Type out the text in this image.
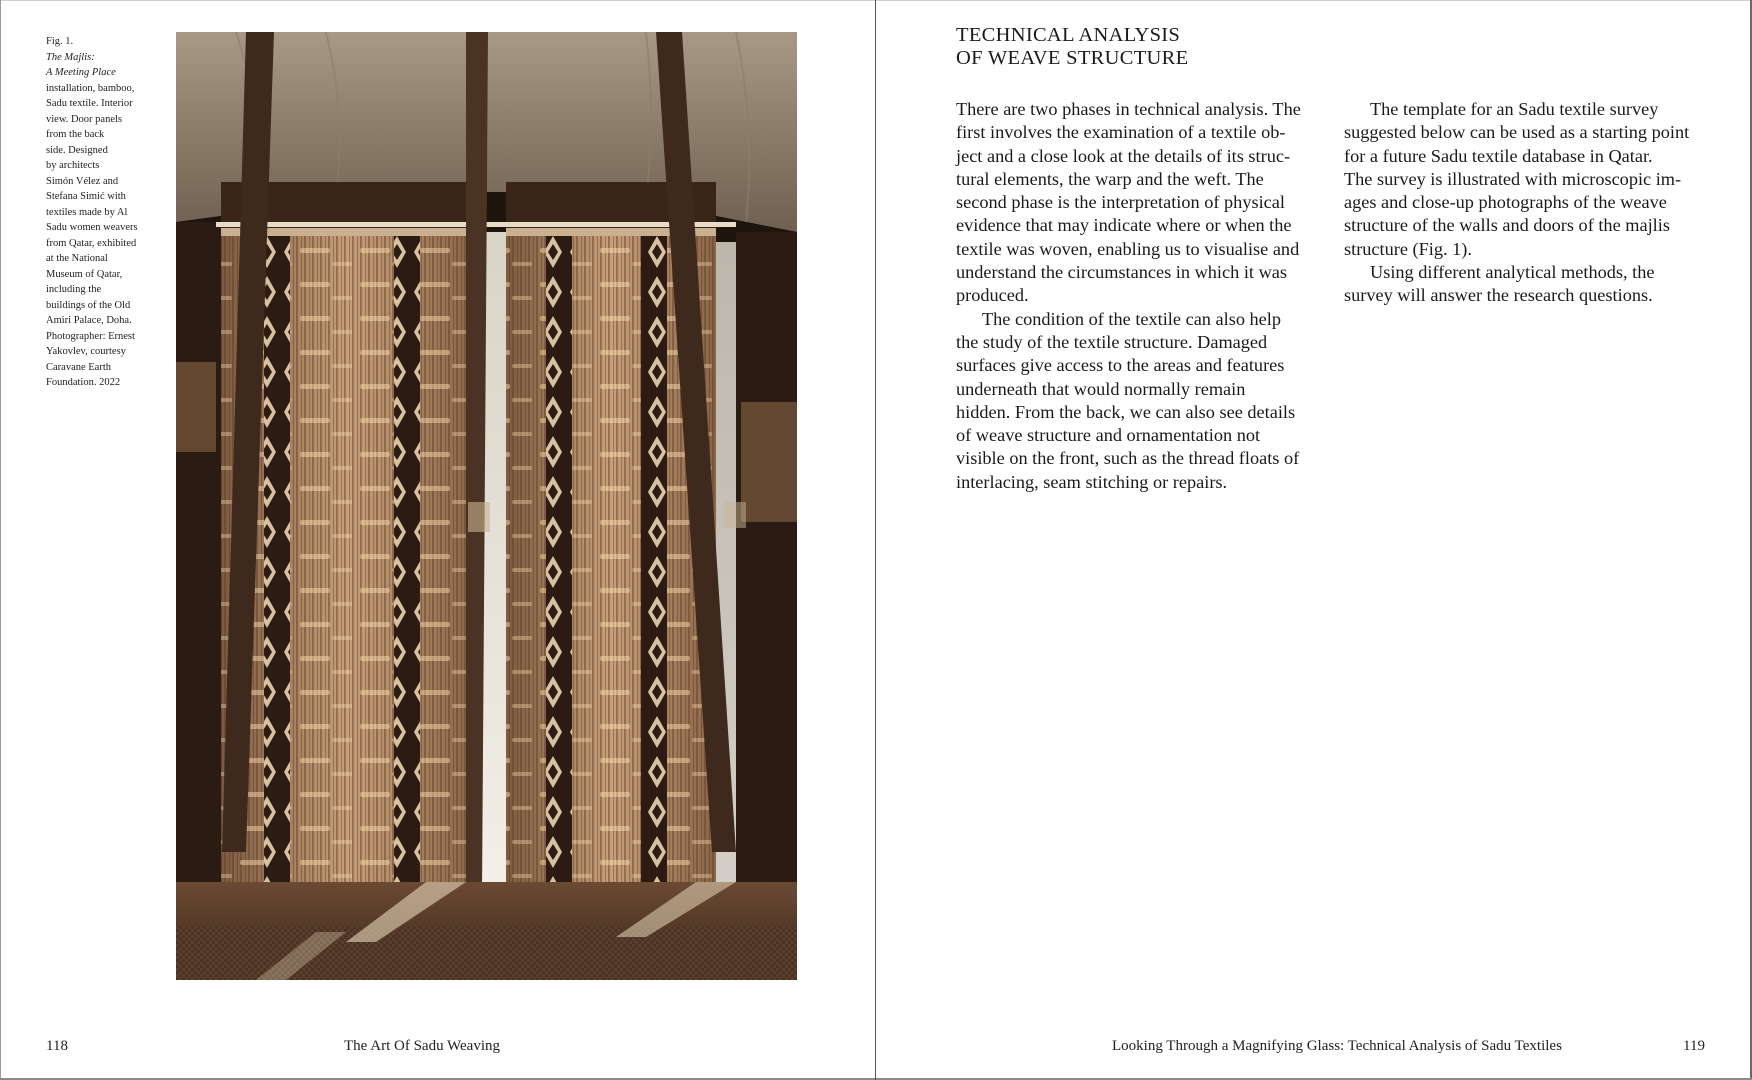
Fig. 1.
The Majlis:
A Meeting Place
installation, bamboo,
Sadu textile. Interior
view. Door panels
from the back
side. Designed
by architects
Simón Vélez and
Stefana Simić with
textiles made by Al
Sadu women weavers
from Qatar, exhibited
at the National
Museum of Qatar,
including the
buildings of the Old
Amiri Palace, Doha.
Photographer: Ernest
Yakovlev, courtesy
Caravane Earth
Foundation. 2022
TECHNICAL ANALYSIS
OF WEAVE STRUCTURE
There are two phases in technical analysis. The
first involves the examination of a textile ob-
ject and a close look at the details of its struc-
tural elements, the warp and the weft. The
second phase is the interpretation of physical
evidence that may indicate where or when the
textile was woven, enabling us to visualise and
understand the circumstances in which it was
produced.
The condition of the textile can also help
the study of the textile structure. Damaged
surfaces give access to the areas and features
underneath that would normally remain
hidden. From the back, we can also see details
of weave structure and ornamentation not
visible on the front, such as the thread floats of
interlacing, seam stitching or repairs.
The template for an Sadu textile survey
suggested below can be used as a starting point
for a future Sadu textile database in Qatar.
The survey is illustrated with microscopic im-
ages and close-up photographs of the weave
structure of the walls and doors of the majlis
structure (Fig. 1).
Using different analytical methods, the
survey will answer the research questions.
118	The Art Of Sadu Weaving	Looking Through a Magnifying Glass: Technical Analysis of Sadu Textiles	119
